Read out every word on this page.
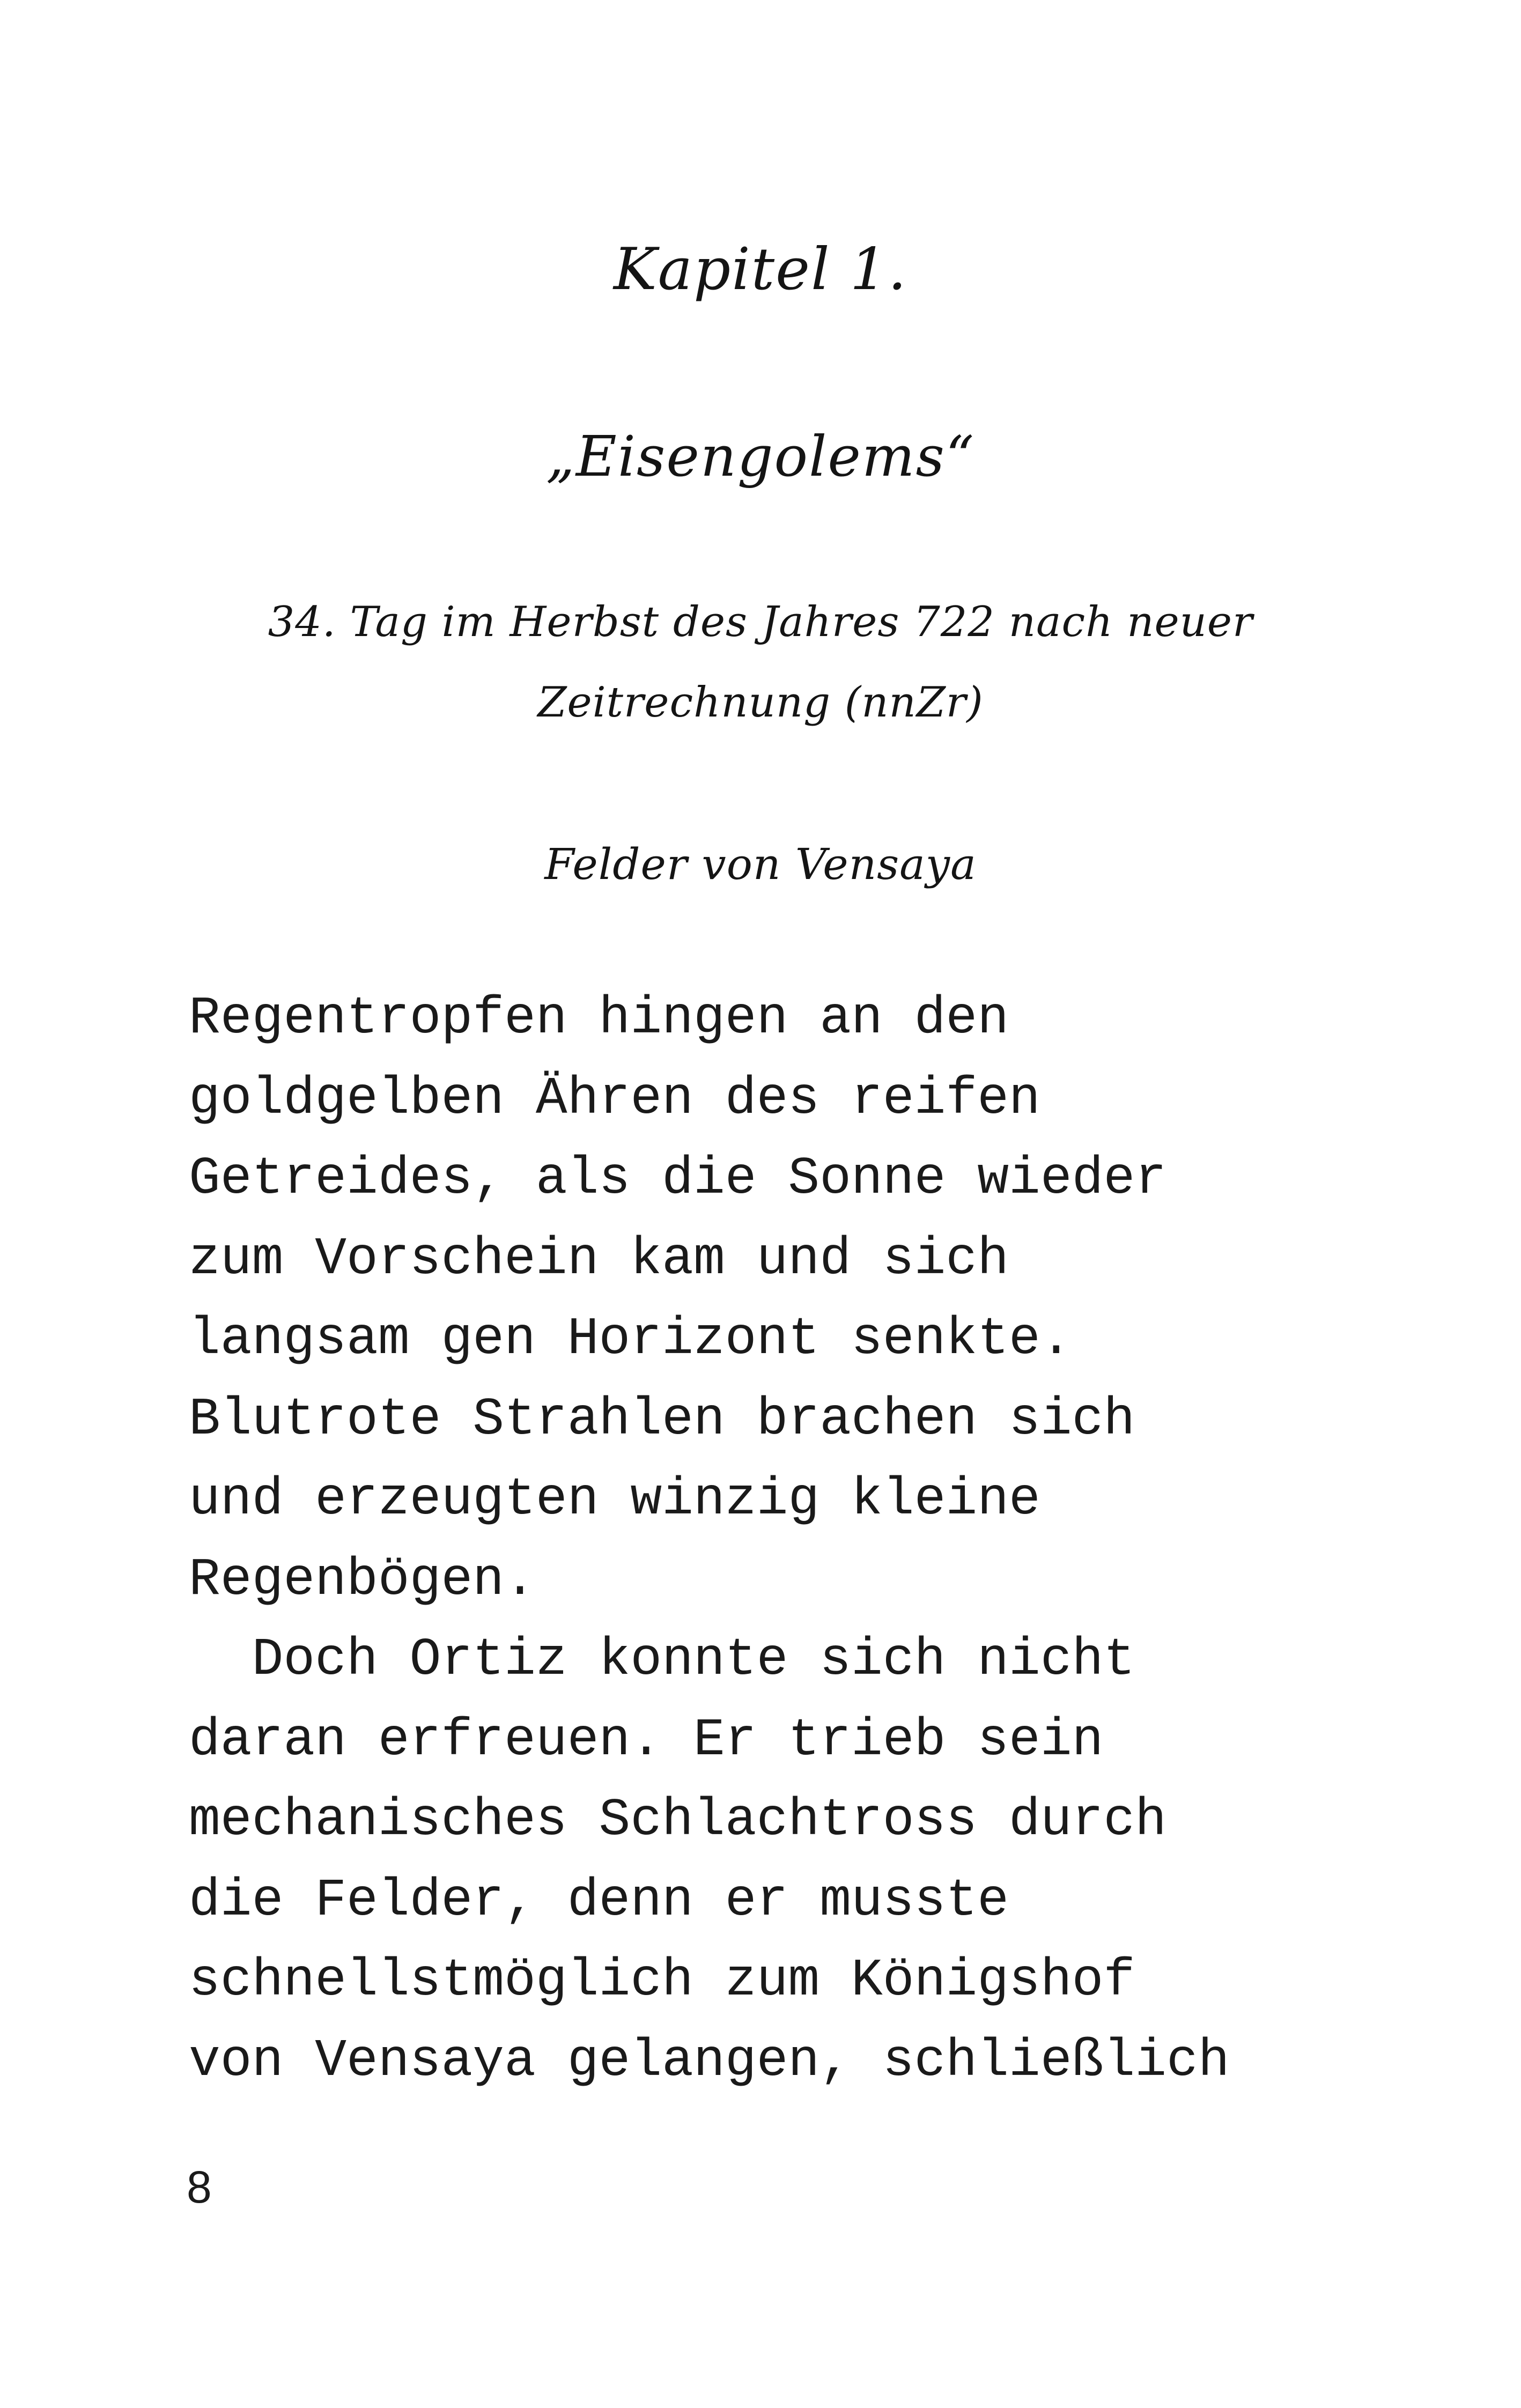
Kapitel 1.
„Eisengolems“
34. Tag im Herbst des Jahres 722 nach neuer
Zeitrechnung (nnZr)
Felder von Vensaya
Regentropfen hingen an den
goldgelben Ähren des reifen
Getreides, als die Sonne wieder
zum Vorschein kam und sich
langsam gen Horizont senkte.
Blutrote Strahlen brachen sich
und erzeugten winzig kleine
Regenbögen.
Doch Ortiz konnte sich nicht
daran erfreuen. Er trieb sein
mechanisches Schlachtross durch
die Felder, denn er musste
schnellstmöglich zum Königshof
von Vensaya gelangen, schließlich
8
